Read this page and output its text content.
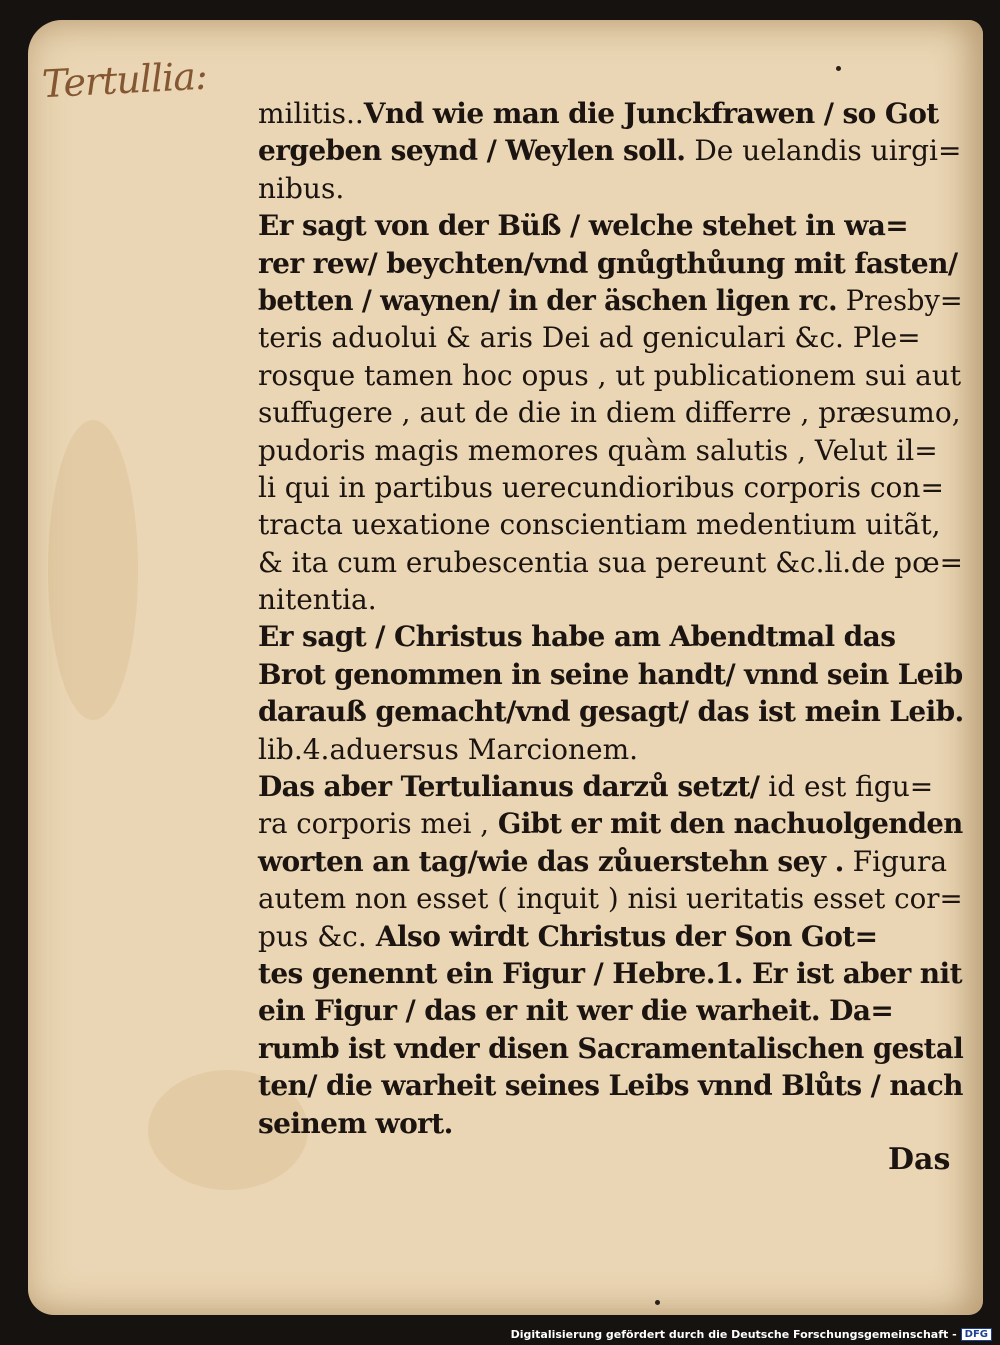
Tertullia:
militis..Vnd wie man die Junckfrawen / so Got
ergeben seynd / Weylen soll. De uelandis uirgi=
nibus.
Er sagt von der Büß / welche stehet in wa=
rer rew/ beychten/vnd gnůgthůung mit fasten/
betten / waynen/ in der äschen ligen rc. Presby=
teris aduolui & aris Dei ad geniculari &c. Ple=
rosque tamen hoc opus , ut publicationem sui aut
suffugere , aut de die in diem differre , præsumo,
pudoris magis memores quàm salutis , Velut il=
li qui in partibus uerecundioribus corporis con=
tracta uexatione conscientiam medentium uitãt,
& ita cum erubescentia sua pereunt &c.li.de pœ=
nitentia.
Er sagt / Christus habe am Abendtmal das
Brot genommen in seine handt/ vnnd sein Leib
darauß gemacht/vnd gesagt/ das ist mein Leib.
lib.4.aduersus Marcionem.
Das aber Tertulianus darzů setzt/ id est figu=
ra corporis mei , Gibt er mit den nachuolgenden
worten an tag/wie das zůuerstehn sey . Figura
autem non esset ( inquit ) nisi ueritatis esset cor=
pus &c. Also wirdt Christus der Son Got=
tes genennt ein Figur / Hebre.1. Er ist aber nit
ein Figur / das er nit wer die warheit. Da=
rumb ist vnder disen Sacramentalischen gestal
ten/ die warheit seines Leibs vnnd Blůts / nach
seinem wort.
Das
Digitalisierung gefördert durch die Deutsche Forschungsgemeinschaft - DFG
